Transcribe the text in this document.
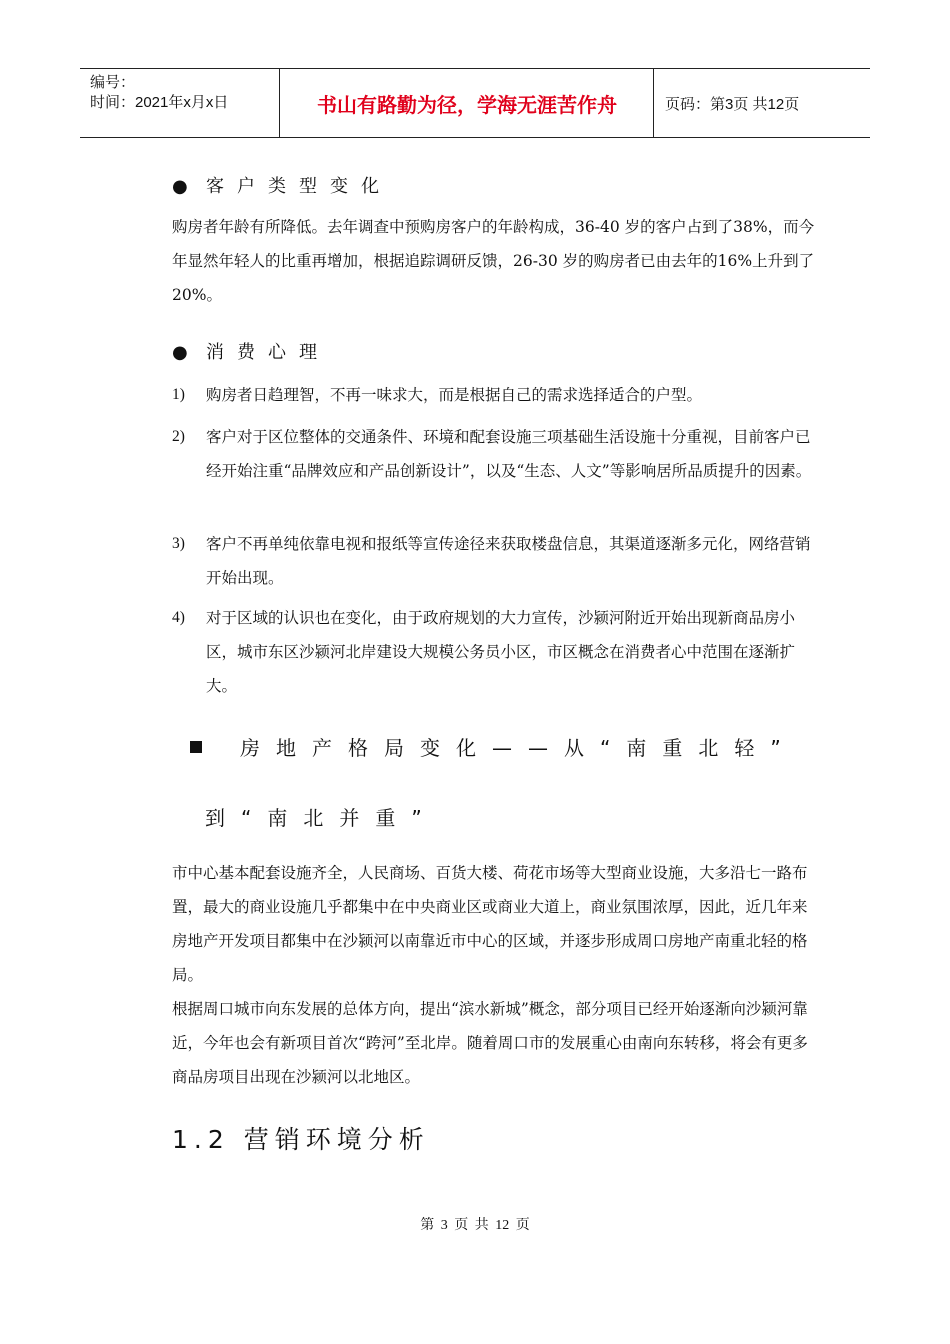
编号：
时间：2021年x月x日	书山有路勤为径，学海无涯苦作舟	页码：第3页 共12页
● 客户类型变化

购房者年龄有所降低。去年调查中预购房客户的年龄构成，36-40 岁的客户占到了38%，而今年显然年轻人的比重再增加，根据追踪调研反馈，26-30 岁的购房者已由去年的16%上升到了20%。

● 消费心理
1)	购房者日趋理智，不再一味求大，而是根据自己的需求选择适合的户型。
2)	客户对于区位整体的交通条件、环境和配套设施三项基础生活设施十分重视，目前客户已经开始注重“品牌效应和产品创新设计”，以及“生态、人文”等影响居所品质提升的因素。
3)	客户不再单纯依靠电视和报纸等宣传途径来获取楼盘信息，其渠道逐渐多元化，网络营销开始出现。
4)	对于区域的认识也在变化，由于政府规划的大力宣传，沙颍河附近开始出现新商品房小区，城市东区沙颍河北岸建设大规模公务员小区，市区概念在消费者心中范围在逐渐扩大。
房地产格局变化——从“南重北轻”
到“南北并重”

市中心基本配套设施齐全，人民商场、百货大楼、荷花市场等大型商业设施，大多沿七一路布置，最大的商业设施几乎都集中在中央商业区或商业大道上，商业氛围浓厚，因此，近几年来房地产开发项目都集中在沙颍河以南靠近市中心的区域，并逐步形成周口房地产南重北轻的格局。

根据周口城市向东发展的总体方向，提出“滨水新城”概念，部分项目已经开始逐渐向沙颍河靠近，今年也会有新项目首次“跨河”至北岸。随着周口市的发展重心由南向东转移，将会有更多商品房项目出现在沙颍河以北地区。

1.2 营销环境分析
第 3 页 共 12 页
